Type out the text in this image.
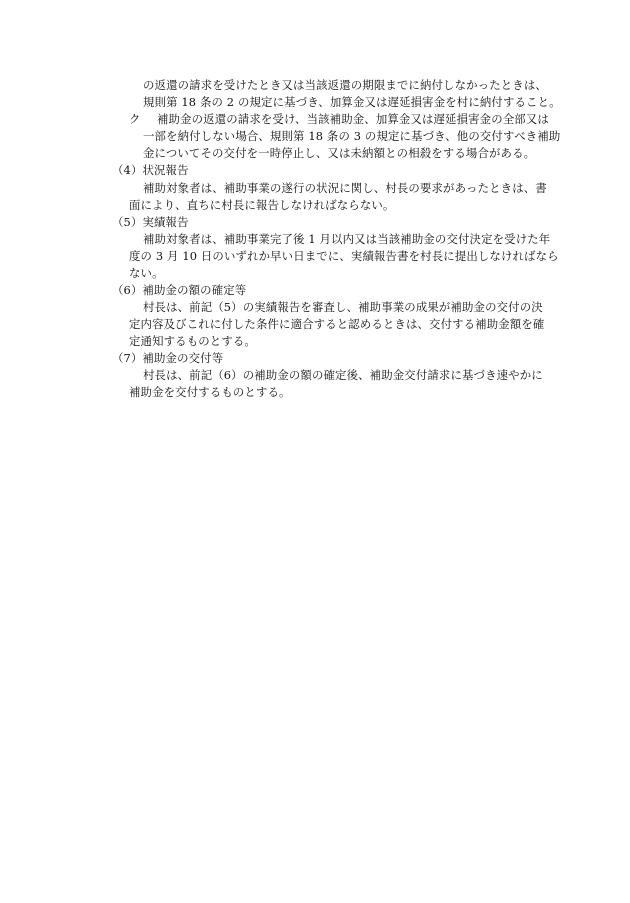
の返還の請求を受けたとき又は当該返還の期限までに納付しなかったときは、
規則第 18 条の 2 の規定に基づき、加算金又は遅延損害金を村に納付すること。
ク 補助金の返還の請求を受け、当該補助金、加算金又は遅延損害金の全部又は
一部を納付しない場合、規則第 18 条の 3 の規定に基づき、他の交付すべき補助
金についてその交付を一時停止し、又は未納額との相殺をする場合がある。
（4）状況報告
補助対象者は、補助事業の遂行の状況に関し、村長の要求があったときは、書
面により、直ちに村長に報告しなければならない。
（5）実績報告
補助対象者は、補助事業完了後 1 月以内又は当該補助金の交付決定を受けた年
度の 3 月 10 日のいずれか早い日までに、実績報告書を村長に提出しなければなら
ない。
（6）補助金の額の確定等
村長は、前記（5）の実績報告を審査し、補助事業の成果が補助金の交付の決
定内容及びこれに付した条件に適合すると認めるときは、交付する補助金額を確
定通知するものとする。
（7）補助金の交付等
村長は、前記（6）の補助金の額の確定後、補助金交付請求に基づき速やかに
補助金を交付するものとする。
